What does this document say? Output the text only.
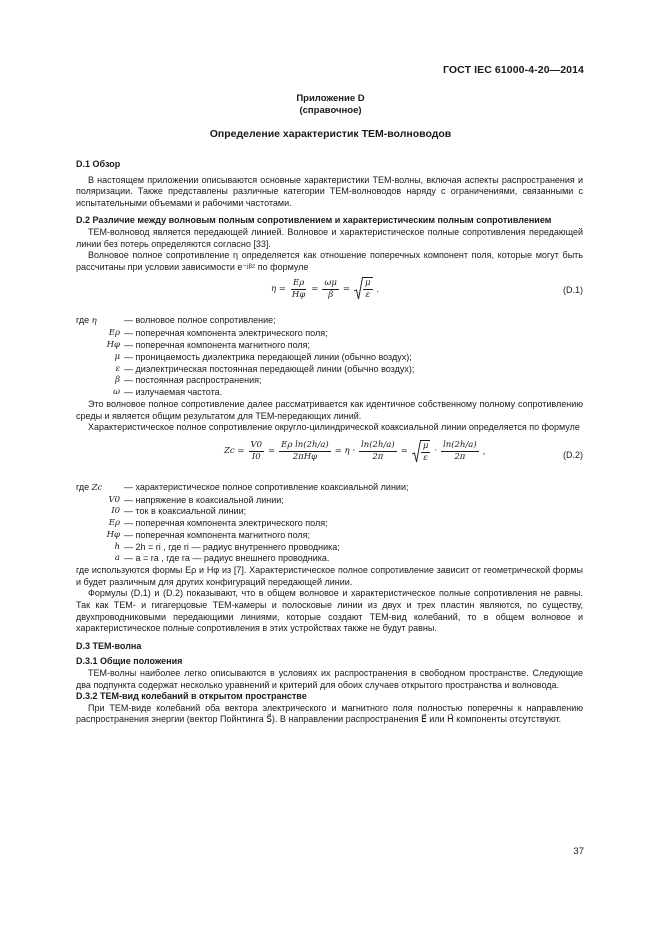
ГОСТ IEC 61000-4-20—2014
Приложение D
(справочное)
Определение характеристик ТЕМ-волноводов

D.1 Обзор

В настоящем приложении описываются основные характеристики ТЕМ-волны, включая аспекты распространения и поляризации. Также представлены различные категории ТЕМ-волноводов наряду с ограничениями, связанными с испытательными объемами и рабочими частотами.

D.2 Различие между волновым полным сопротивлением и характеристическим полным сопротивлением

ТЕМ-волновод является передающей линией. Волновое и характеристическое полные сопротивления передающей линии без потерь определяются согласно [33].

Волновое полное сопротивление η определяется как отношение поперечных компонент поля, которые могут быть рассчитаны при условии зависимости e⁻ʲᵝᶻ по формуле

$\eta = \frac{E\rho}{H\varphi} = \frac{\omega\mu}{\beta} = \frac{\mu}{\varepsilon}$ .	(D.1)
где η	— волновое полное сопротивление;
Eρ — поперечная компонента электрического поля;
Hφ — поперечная компонента магнитного поля;
μ — проницаемость диэлектрика передающей линии (обычно воздух);
ε — диэлектрическая постоянная передающей линии (обычно воздух);
β — постоянная распространения;
ω — излучаемая частота.

Это волновое полное сопротивление далее рассматривается как идентичное собственному полному сопротивлению среды и является общим результатом для ТЕМ-передающих линий.

Характеристическое полное сопротивление округло-цилиндрической коаксиальной линии определяется по формуле

$Zc = \frac{V0}{I0} = \frac{\text{Eρ ln(2h/a)}}{\text{2πHφ}} = \eta \cdot \frac{\ln(2h/a)}{2\pi} = \frac{\mu}{\varepsilon} \cdot \frac{\ln(2h/a)}{2\pi}$ ,	(D.2)
где Zc	— характеристическое полное сопротивление коаксиальной линии;
V0 — напряжение в коаксиальной линии;
I0 — ток в коаксиальной линии;
Eρ — поперечная компонента электрического поля;
Hφ — поперечная компонента магнитного поля;
h — 2h = ri , где ri — радиус внутреннего проводника;
a — a = ra , где ra — радиус внешнего проводника.

где используются формы Eρ и Hφ из [7]. Характеристическое полное сопротивление зависит от геометрической формы и будет различным для других конфигураций передающей линии.

Формулы (D.1) и (D.2) показывают, что в общем волновое и характеристическое полные сопротивления не равны. Так как ТЕМ- и гигагерцовые ТЕМ-камеры и полосковые линии из двух и трех пластин являются, по существу, двухпроводниковыми передающими линиями, которые создают ТЕМ-вид колебаний, то в общем волновое и характеристическое полные сопротивления в этих устройствах также не будут равны.

D.3 ТЕМ-волна

D.3.1 Общие положения

ТЕМ-волны наиболее легко описываются в условиях их распространения в свободном пространстве. Следующие два подпункта содержат несколько уравнений и критерий для обоих случаев открытого пространства и волновода.

D.3.2 ТЕМ-вид колебаний в открытом пространстве

При ТЕМ-виде колебаний оба вектора электрического и магнитного поля полностью поперечны к направлению распространения энергии (вектор Пойнтинга S⃗). В направлении распространения E⃗ или H⃗ компоненты отсутствуют.

37
